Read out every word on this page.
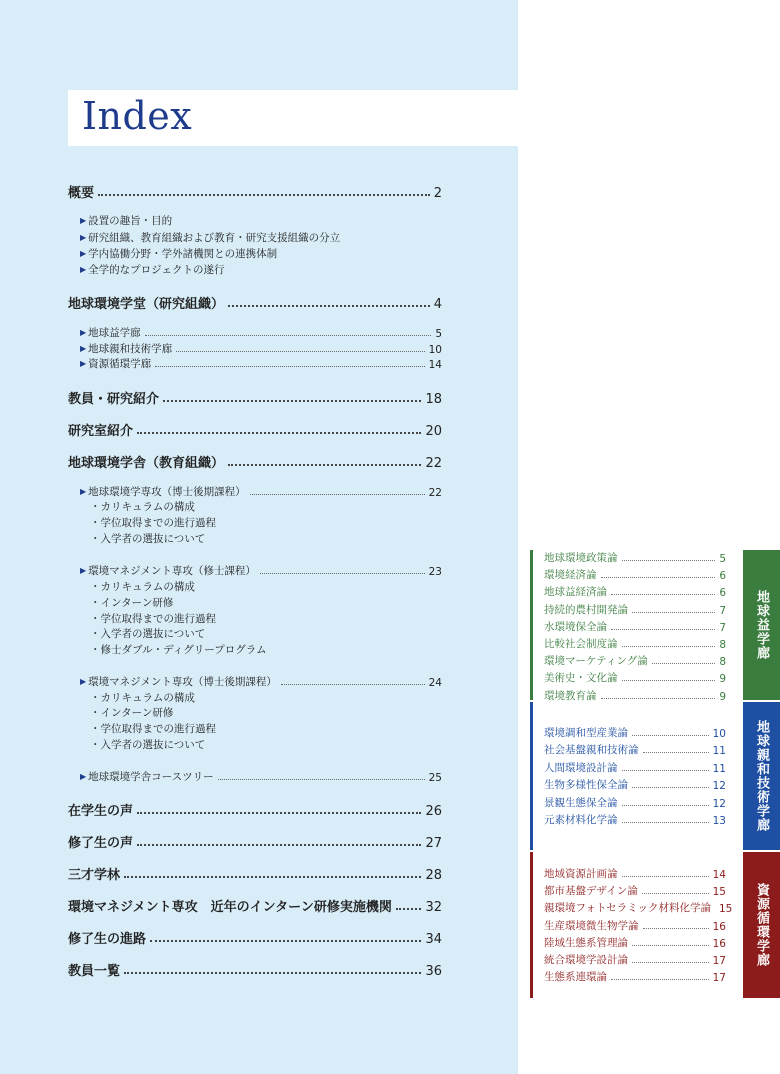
Index
概要	2
▶ 設置の趣旨・目的
▶ 研究組織、教育組織および教育・研究支援組織の分立
▶ 学内協働分野・学外諸機関との連携体制
▶ 全学的なプロジェクトの遂行
地球環境学堂（研究組織）	4
▶ 地球益学廊	5
▶ 地球親和技術学廊	10
▶ 資源循環学廊	14
教員・研究紹介	18
研究室紹介	20
地球環境学舎（教育組織）	22
▶ 地球環境学専攻（博士後期課程）	22
・カリキュラムの構成
・学位取得までの進行過程
・入学者の選抜について
▶ 環境マネジメント専攻（修士課程）	23
・カリキュラムの構成
・インターン研修
・学位取得までの進行過程
・入学者の選抜について
・修士ダブル・ディグリープログラム
▶ 環境マネジメント専攻（博士後期課程）	24
・カリキュラムの構成
・インターン研修
・学位取得までの進行過程
・入学者の選抜について
▶ 地球環境学舎コースツリー	25
在学生の声	26
修了生の声	27
三才学林	28
環境マネジメント専攻　近年のインターン研修実施機関	32
修了生の進路	34
教員一覧	36
地球益学廊
地球親和技術学廊
資源循環学廊
地球環境政策論	5
環境経済論	6
地球益経済論	6
持続的農村開発論	7
水環境保全論	7
比較社会制度論	8
環境マーケティング論	8
美術史・文化論	9
環境教育論	9
環境調和型産業論	10
社会基盤親和技術論	11
人間環境設計論	11
生物多様性保全論	12
景観生態保全論	12
元素材料化学論	13
地域資源計画論	14
都市基盤デザイン論	15
親環境フォトセラミック材料化学論 15
生産環境微生物学論	16
陸域生態系管理論	16
統合環境学設計論	17
生態系連環論	17
